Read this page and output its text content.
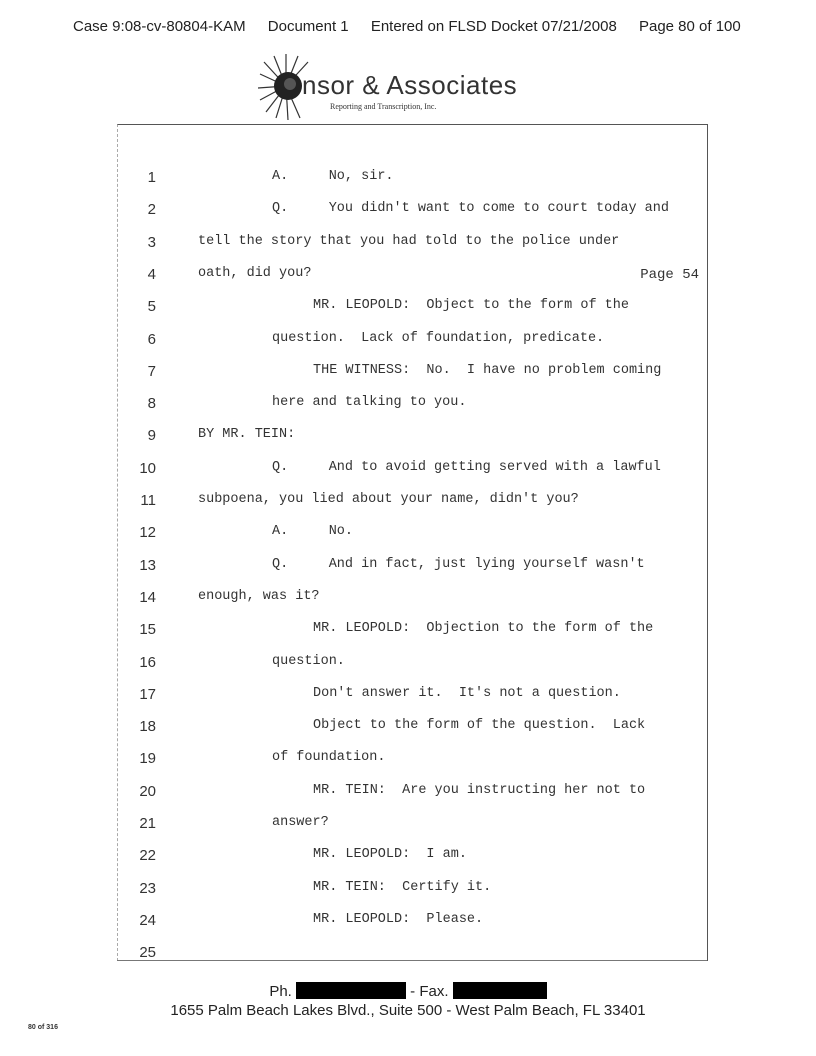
Case 9:08-cv-80804-KAM Document 1 Entered on FLSD Docket 07/21/2008 Page 80 of 100
nsor & Associates
Reporting and Transcription, Inc.
Page 54
1	A.     No, sir.
2	Q.     You didn't want to come to court today and
3	tell the story that you had told to the police under
4	oath, did you?
5	MR. LEOPOLD:  Object to the form of the
6	question.  Lack of foundation, predicate.
7	THE WITNESS:  No.  I have no problem coming
8	here and talking to you.
9	BY MR. TEIN:
10	Q.     And to avoid getting served with a lawful
11	subpoena, you lied about your name, didn't you?
12	A.     No.
13	Q.     And in fact, just lying yourself wasn't
14	enough, was it?
15	MR. LEOPOLD:  Objection to the form of the
16	question.
17	Don't answer it.  It's not a question.
18	Object to the form of the question.  Lack
19	of foundation.
20	MR. TEIN:  Are you instructing her not to
21	answer?
22	MR. LEOPOLD:  I am.
23	MR. TEIN:  Certify it.
24	MR. LEOPOLD:  Please.
25
Ph.	- Fax.
1655 Palm Beach Lakes Blvd., Suite 500 - West Palm Beach, FL 33401
80 of 316
